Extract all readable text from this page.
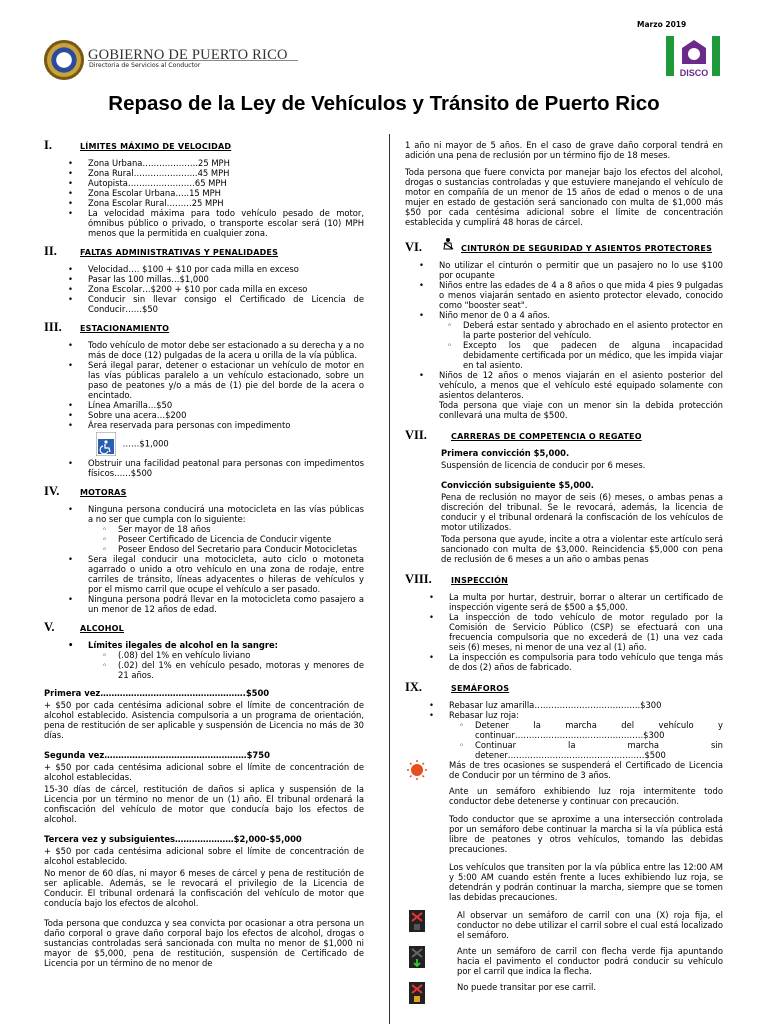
Marzo 2019
GOBIERNO DE PUERTO RICO
Directoria de Servicios al Conductor
DISCO
Repaso de la Ley de Vehículos y Tránsito de Puerto Rico
I.	LÍMITES MÁXIMO DE VELOCIDAD
• Zona Urbana………………..25 MPH
• Zona Rural…………………..45 MPH
• Autopista……………………65 MPH
• Zona Escolar Urbana…..15 MPH
• Zona Escolar Rural………25 MPH
• La velocidad máxima para todo vehículo pesado de motor, ómnibus público o privado, o transporte escolar será (10) MPH menos que la permitida en cualquier zona.
II.	FALTAS ADMINISTRATIVAS Y PENALIDADES
• Velocidad…. $100 + $10 por cada milla en exceso
• Pasar las 100 millas…$1,000
• Zona Escolar…$200 + $10 por cada milla en exceso
• Conducir sin llevar consigo el Certificado de Licencia de Conducir……$50
III.	ESTACIONAMIENTO
• Todo vehículo de motor debe ser estacionado a su derecha y a no más de doce (12) pulgadas de la acera u orilla de la vía pública.
• Será ilegal parar, detener o estacionar un vehículo de motor en las vías públicas paralelo a un vehículo estacionado, sobre un paso de peatones y/o a más de (1) pie del borde de la acera o encintado.
• Línea Amarilla…$50
• Sobre una acera…$200
• Área reservada para personas con impedimento
……$1,000
• Obstruir una facilidad peatonal para personas con impedimentos físicos……$500
IV.	MOTORAS
• Ninguna persona conducirá una motocicleta en las vías públicas a no ser que cumpla con lo siguiente:
◦ Ser mayor de 18 años
◦ Poseer Certificado de Licencia de Conducir vigente
◦ Poseer Endoso del Secretario para Conducir Motocicletas
• Sera ilegal conducir una motocicleta, auto ciclo o motoneta agarrado o unido a otro vehículo en una zona de rodaje, entre carriles de tránsito, líneas adyacentes o hileras de vehículos y por el mismo carril que ocupe el vehículo a ser pasado.
• Ninguna persona podrá llevar en la motocicleta como pasajero a un menor de 12 años de edad.
V.	ALCOHOL
• Límites ilegales de alcohol en la sangre:
◦ (.08) del 1% en vehículo liviano
◦ (.02) del 1% en vehículo pesado, motoras y menores de 21 años.

Primera vez…………………………………………….$500

+ $50 por cada centésima adicional sobre el límite de concentración de alcohol establecido. Asistencia compulsoria a un programa de orientación, pena de restitución de ser aplicable y suspensión de Licencia no más de 30 días.

Segunda vez……………………………………………$750

+ $50 por cada centésima adicional sobre el límite de concentración de alcohol establecidas.

15-30 días de cárcel, restitución de daños si aplica y suspensión de la Licencia por un término no menor de un (1) año. El tribunal ordenará la confiscación del vehículo de motor que conducía bajo los efectos de alcohol.

Tercera vez y subsiguientes…………………$2,000-$5,000

+ $50 por cada centésima adicional sobre el límite de concentración de alcohol establecido.

No menor de 60 días, ni mayor 6 meses de cárcel y pena de restitución de ser aplicable. Además, se le revocará el privilegio de la Licencia de Conducir. El tribunal ordenará la confiscación del vehículo de motor que conducía bajo los efectos de alcohol.

Toda persona que conduzca y sea convicta por ocasionar a otra persona un daño corporal o grave daño corporal bajo los efectos de alcohol, drogas o sustancias controladas será sancionada con multa no menor de $1,000 ni mayor de $5,000, pena de restitución, suspensión de Certificado de Licencia por un término de no menor de

1 año ni mayor de 5 años. En el caso de grave daño corporal tendrá en adición una pena de reclusión por un término fijo de 18 meses.

Toda persona que fuere convicta por manejar bajo los efectos del alcohol, drogas o sustancias controladas y que estuviere manejando el vehículo de motor en compañía de un menor de 15 años de edad o menos o de una mujer en estado de gestación será sancionado con multa de $1,000 más $50 por cada centésima adicional sobre el límite de concentración establecida y cumplirá 48 horas de cárcel.

VI.	CINTURÓN DE SEGURIDAD Y ASIENTOS PROTECTORES
• No utilizar el cinturón o permitir que un pasajero no lo use $100 por ocupante
• Niños entre las edades de 4 a 8 años o que mida 4 pies 9 pulgadas o menos viajarán sentado en asiento protector elevado, conocido como "booster seat".
• Niño menor de 0 a 4 años.
◦ Deberá estar sentado y abrochado en el asiento protector en la parte posterior del vehículo.
◦ Excepto los que padecen de alguna incapacidad debidamente certificada por un médico, que les impida viajar en tal asiento.
• Niños de 12 años o menos viajarán en el asiento posterior del vehículo, a menos que el vehículo esté equipado solamente con asientos delanteros.

Toda persona que viaje con un menor sin la debida protección conllevará una multa de $500.

VII.	CARRERAS DE COMPETENCIA O REGATEO

Primera convicción $5,000.

Suspensión de licencia de conducir por 6 meses.

Convicción subsiguiente $5,000.

Pena de reclusión no mayor de seis (6) meses, o ambas penas a discreción del tribunal. Se le revocará, además, la licencia de conducir y el tribunal ordenará la confiscación de los vehículos de motor utilizados.

Toda persona que ayude, incite a otra a violentar este artículo será sancionado con multa de $3,000. Reincidencia $5,000 con pena de reclusión de 6 meses a un año o ambas penas

VIII.	INSPECCIÓN
• La multa por hurtar, destruir, borrar o alterar un certificado de inspección vigente será de $500 a $5,000.
• La inspección de todo vehículo de motor regulado por la Comisión de Servicio Público (CSP) se efectuará con una frecuencia compulsoria que no excederá de (1) una vez cada seis (6) meses, ni menor de una vez al (1) año.
• La inspección es compulsoria para todo vehículo que tenga más de dos (2) años de fabricado.
IX.	SEMÁFOROS
• Rebasar luz amarilla………………………………..$300
• Rebasar luz roja:
◦ Detener la marcha del vehículo y continuar……………………………………….$300
◦ Continuar la marcha sin detener………………………………………….$500
Más de tres ocasiones se suspenderá el Certificado de Licencia de Conducir por un término de 3 años.

Ante un semáforo exhibiendo luz roja intermitente todo conductor debe detenerse y continuar con precaución.

Todo conductor que se aproxime a una intersección controlada por un semáforo debe continuar la marcha si la vía pública está libre de peatones y otros vehículos, tomando las debidas precauciones.

Los vehículos que transiten por la vía pública entre las 12:00 AM y 5:00 AM cuando estén frente a luces exhibiendo luz roja, se detendrán y podrán continuar la marcha, siempre que se tomen las debidas precauciones.

Al observar un semáforo de carril con una (X) roja fija, el conductor no debe utilizar el carril sobre el cual está localizado el semáforo.
Ante un semáforo de carril con flecha verde fija apuntando hacia el pavimento el conductor podrá conducir su vehículo por el carril que indica la flecha.
No puede transitar por ese carril.
